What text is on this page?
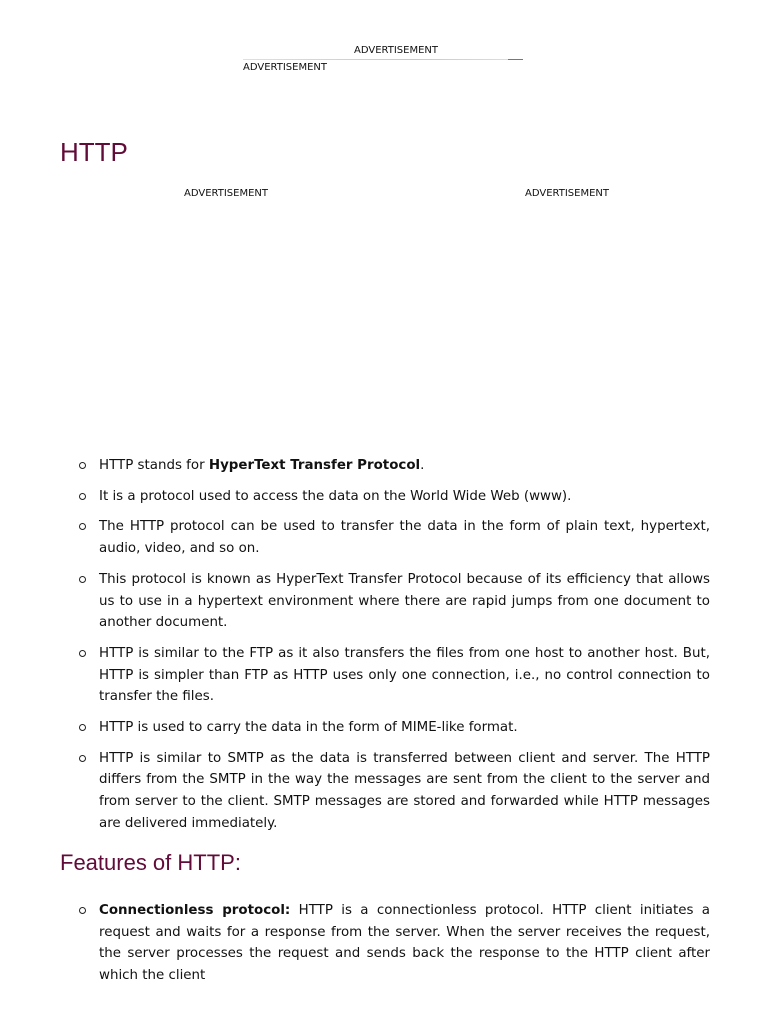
ADVERTISEMENT
ADVERTISEMENT
HTTP
ADVERTISEMENT	ADVERTISEMENT
HTTP stands for HyperText Transfer Protocol.
It is a protocol used to access the data on the World Wide Web (www).
The HTTP protocol can be used to transfer the data in the form of plain text, hypertext, audio, video, and so on.
This protocol is known as HyperText Transfer Protocol because of its efficiency that allows us to use in a hypertext environment where there are rapid jumps from one document to another document.
HTTP is similar to the FTP as it also transfers the files from one host to another host. But, HTTP is simpler than FTP as HTTP uses only one connection, i.e., no control connection to transfer the files.
HTTP is used to carry the data in the form of MIME-like format.
HTTP is similar to SMTP as the data is transferred between client and server. The HTTP differs from the SMTP in the way the messages are sent from the client to the server and from server to the client. SMTP messages are stored and forwarded while HTTP messages are delivered immediately.
Features of HTTP:
Connectionless protocol: HTTP is a connectionless protocol. HTTP client initiates a request and waits for a response from the server. When the server receives the request, the server processes the request and sends back the response to the HTTP client after which the client
